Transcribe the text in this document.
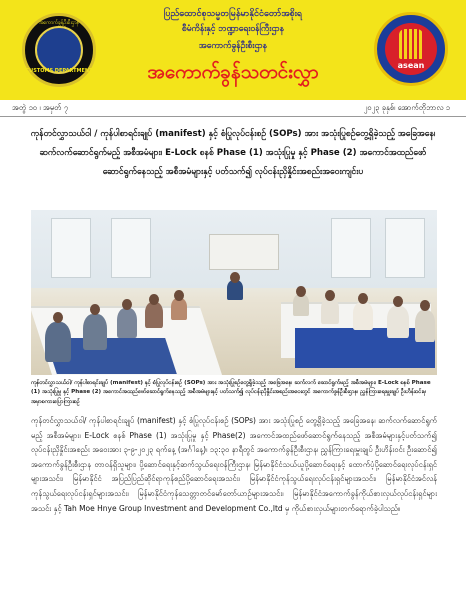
အကောက်ခွန်ဦးစီးဌာန
CUSTOMS DEPARTMENT
ပြည်ထောင်စုသမ္မတမြန်မာနိုင်ငံတော်အစိုးရ
စီမံကိန်းနှင့် ဘဏ္ဍာရေးဝန်ကြီးဌာန
အကောက်ခွန်ဦးစီးဌာန
အကောက်ခွန်သတင်းလွှာ	asean
အတွဲ ၁၀ ၊ အမှတ် ၇	၂၀၂၃ ခုနှစ်၊ အောက်တိုဘာလ ၁
ကုန်တင်လွှာသယ်ဝါ / ကုန်ပါစာရင်းချုပ် (manifest) နှင့် စံပြုလုပ်ငန်းစဉ် (SOPs) အား အသုံးပြုစဉ်တွေ့ရှိခဲ့သည့် အခြေအနေ၊ ဆက်လက်ဆောင်ရွက်မည့် အစီအမံများ၊ E-Lock စနစ် Phase (1) အသုံးပြုမှု နှင့် Phase (2) အကောင်အထည်ဖော်ဆောင်ရွက်နေသည့် အစီအမံများနှင့် ပတ်သက်၍ လုပ်ငန်းညှိနှိုင်းအစည်းအဝေးကျင်းပ
ကုန်တင်လွှာသယ်ဝါ/ ကုန်ပါစာရင်းချုပ် (manifest) နှင့် စံပြုလုပ်ငန်းစဉ် (SOPs) အား အသုံးပြုစဉ်တွေ့ရှိခဲ့သည့် အခြေအနေ၊ ဆက်လက် ဆောင်ရွက်မည့် အစီအမံများ၊ E-Lock စနစ် Phase (1) အသုံးပြုမှု နှင့် Phase (2) အကောင်အထည်ဖော်ဆောင်ရွက်နေသည့် အစီအမံများနှင့် ပတ်သက်၍ လုပ်ငန်းညှိနှိုင်းအစည်းအဝေးတွင် အကောက်ခွန်ဦးစီးဌာန၊ ညွှန်ကြားရေးမှူးချုပ် ဦးဟိန်းဝင်းမှ အမှာစကားပြောကြားစဉ်
ကုန်တင်လွှာသယ်ဝါ/ ကုန်ပါစာရင်းချုပ် (manifest) နှင့် စံပြုလုပ်ငန်းစဉ် (SOPs) အား အသုံးပြုစဉ် တွေ့ရှိခဲ့သည့် အခြေအနေ၊ ဆက်လက်ဆောင်ရွက်မည့် အစီအမံများ၊ E-Lock စနစ် Phase (1) အသုံးပြုမှု နှင့် Phase(2) အကောင်အထည်ဖော်ဆောင်ရွက်နေသည့် အစီအမံများနှင့်ပတ်သက်၍ လုပ်ငန်းညှိနှိုင်းအစည်း အဝေးအား ၃-၉-၂၀၂၃ ရက်နေ့ (အင်္ဂါနေ့)၊ ၁၃:၃၀ နာရီတွင် အကောက်ခွန်ဦးစီးဌာန၊ ညွှန်ကြားရေးမှူးချုပ် ဦးဟိန်းဝင်း ဦးဆောင်၍ အကောက်ခွန်ဦးစီးဌာန တာဝန်ရှိသူများ၊ ပို့ဆောင်ရေးနှင့်ဆက်သွယ်ရေးဝန်ကြီးဌာန၊ မြန်မာနိုင်ငံသယ်ယူပို့ဆောင်ရေးနှင့် ထောက်ပံ့ပို့ဆောင်ရေးလုပ်ငန်းရှင်များအသင်း၊ မြန်မာနိုင်ငံ အပြည်ပြည်ဆိုင်ရာကုန်စည်ပို့ဆောင်ရေးအသင်း၊ မြန်မာနိုင်ငံကုန်သွယ်ရေးလုပ်ငန်းရှင်များအသင်း၊ မြန်မာနိုင်ငံအင်လန်ကုန်သွယ်ရေးလုပ်ငန်းရှင်များအသင်း၊ မြန်မာနိုင်ငံကုန်သေတ္တာတင်မော်တော်ယာဉ်များအသင်း၊ မြန်မာနိုင်ငံအကောက်ခွန်ကိုယ်စားလှယ်လုပ်ငန်းရှင်များအသင်း နှင့် Tah Moe Hnye Group Investment and Development Co.,ltd မှ ကိုယ်စားလှယ်များတက်ရောက်ခဲ့ပါသည်။
